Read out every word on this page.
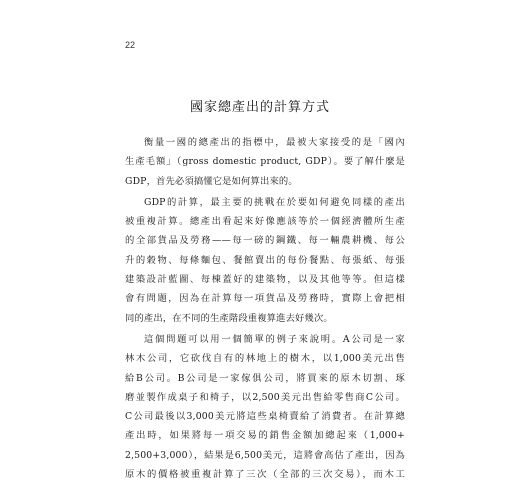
22
國家總產出的計算方式
衡量一國的總產出的指標中，最被大家接受的是「國內
生產毛額」（gross domestic product, GDP）。要了解什麼是
GDP，首先必須搞懂它是如何算出來的。
GDP的計算，最主要的挑戰在於要如何避免同樣的產出
被重複計算。總產出看起來好像應該等於一個經濟體所生產
的全部貨品及勞務——每一磅的鋼鐵、每一輛農耕機、每公
升的穀物、每條麵包、餐館賣出的每份餐點、每張紙、每張
建築設計藍圖、每棟蓋好的建築物，以及其他等等。但這樣
會有問題，因為在計算每一項貨品及勞務時，實際上會把相
同的產出，在不同的生產階段重複算進去好幾次。
這個問題可以用一個簡單的例子來說明。A公司是一家
林木公司，它砍伐自有的林地上的樹木，以1,000美元出售
給B公司。B公司是一家傢俱公司，將買來的原木切割、琢
磨並製作成桌子和椅子，以2,500美元出售給零售商C公司。
C公司最後以3,000美元將這些桌椅賣給了消費者。在計算總
產出時，如果將每一項交易的銷售金額加總起來（1,000+
2,500+3,000），結果是6,500美元，這將會高估了產出，因為
原木的價格被重複計算了三次（全部的三次交易），而木工
